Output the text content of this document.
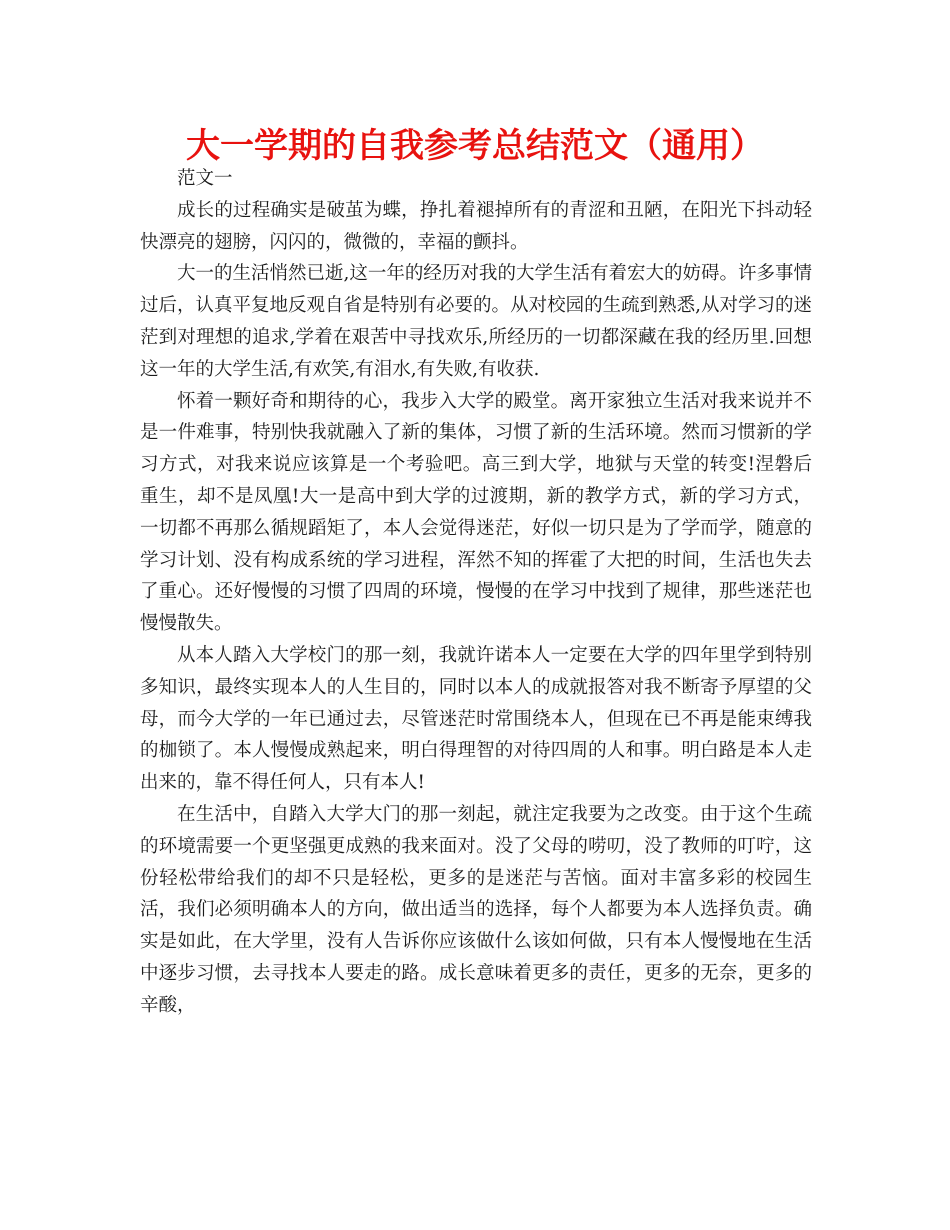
大一学期的自我参考总结范文（通用）

范文一

成长的过程确实是破茧为蝶，挣扎着褪掉所有的青涩和丑陋，在阳光下抖动轻快漂亮的翅膀，闪闪的，微微的，幸福的颤抖。

大一的生活悄然已逝,这一年的经历对我的大学生活有着宏大的妨碍。许多事情过后，认真平复地反观自省是特别有必要的。从对校园的生疏到熟悉,从对学习的迷茫到对理想的追求,学着在艰苦中寻找欢乐,所经历的一切都深藏在我的经历里.回想这一年的大学生活,有欢笑,有泪水,有失败,有收获.

怀着一颗好奇和期待的心，我步入大学的殿堂。离开家独立生活对我来说并不是一件难事，特别快我就融入了新的集体，习惯了新的生活环境。然而习惯新的学习方式，对我来说应该算是一个考验吧。高三到大学，地狱与天堂的转变!涅磐后重生，却不是凤凰!大一是高中到大学的过渡期，新的教学方式，新的学习方式，一切都不再那么循规蹈矩了，本人会觉得迷茫，好似一切只是为了学而学，随意的学习计划、没有构成系统的学习进程，浑然不知的挥霍了大把的时间，生活也失去了重心。还好慢慢的习惯了四周的环境，慢慢的在学习中找到了规律，那些迷茫也慢慢散失。

从本人踏入大学校门的那一刻，我就许诺本人一定要在大学的四年里学到特别多知识，最终实现本人的人生目的，同时以本人的成就报答对我不断寄予厚望的父母，而今大学的一年已通过去，尽管迷茫时常围绕本人，但现在已不再是能束缚我的枷锁了。本人慢慢成熟起来，明白得理智的对待四周的人和事。明白路是本人走出来的，靠不得任何人，只有本人!

在生活中，自踏入大学大门的那一刻起，就注定我要为之改变。由于这个生疏的环境需要一个更坚强更成熟的我来面对。没了父母的唠叨，没了教师的叮咛，这份轻松带给我们的却不只是轻松，更多的是迷茫与苦恼。面对丰富多彩的校园生活，我们必须明确本人的方向，做出适当的选择，每个人都要为本人选择负责。确实是如此，在大学里，没有人告诉你应该做什么该如何做，只有本人慢慢地在生活中逐步习惯，去寻找本人要走的路。成长意味着更多的责任，更多的无奈，更多的辛酸，
